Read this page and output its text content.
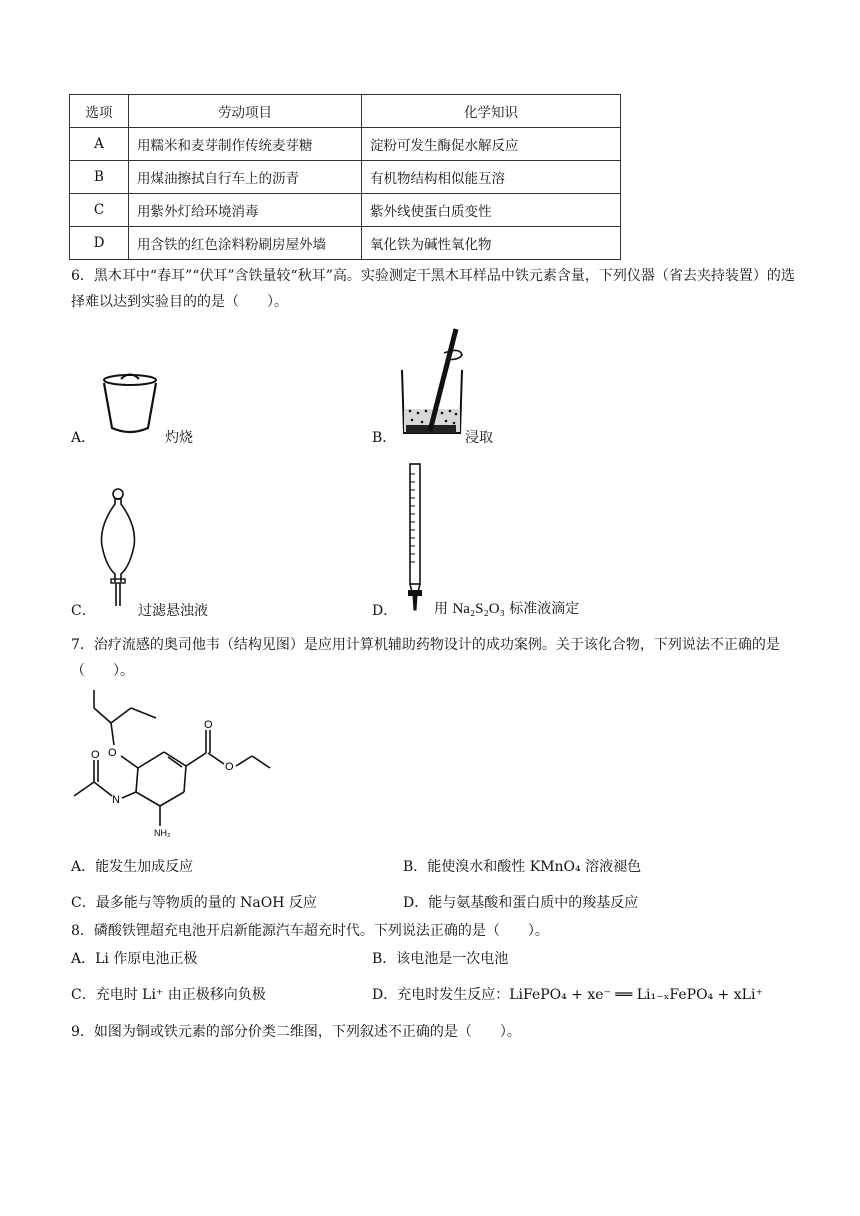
选项	劳动项目	化学知识
A	用糯米和麦芽制作传统麦芽糖	淀粉可发生酶促水解反应
B	用煤油擦拭自行车上的沥青	有机物结构相似能互溶
C	用紫外灯给环境消毒	紫外线使蛋白质变性
D	用含铁的红色涂料粉刷房屋外墙	氧化铁为碱性氧化物
6．黑木耳中“春耳”“伏耳”含铁量较“秋耳”高。实验测定干黑木耳样品中铁元素含量，下列仪器（省去夹持装置）的选择难以达到实验目的的是（　　）。
A．	灼烧	B．	浸取
C．	过滤悬浊液	D．	用 Na₂S₂O₃ 标准液滴定
7．治疗流感的奥司他韦（结构见图）是应用计算机辅助药物设计的成功案例。关于该化合物，下列说法不正确的是（　　）。
O
O
O
O
N
NH₂
A．能发生加成反应	B．能使溴水和酸性 KMnO₄ 溶液褪色
C．最多能与等物质的量的 NaOH 反应	D．能与氨基酸和蛋白质中的羧基反应
8．磷酸铁锂超充电池开启新能源汽车超充时代。下列说法正确的是（　　）。
A．Li 作原电池正极	B．该电池是一次电池
C．充电时 Li⁺ 由正极移向负极	D．充电时发生反应：LiFePO₄ + xe⁻ ══ Li₁₋ₓFePO₄ + xLi⁺
9．如图为铜或铁元素的部分价类二维图，下列叙述不正确的是（　　）。
